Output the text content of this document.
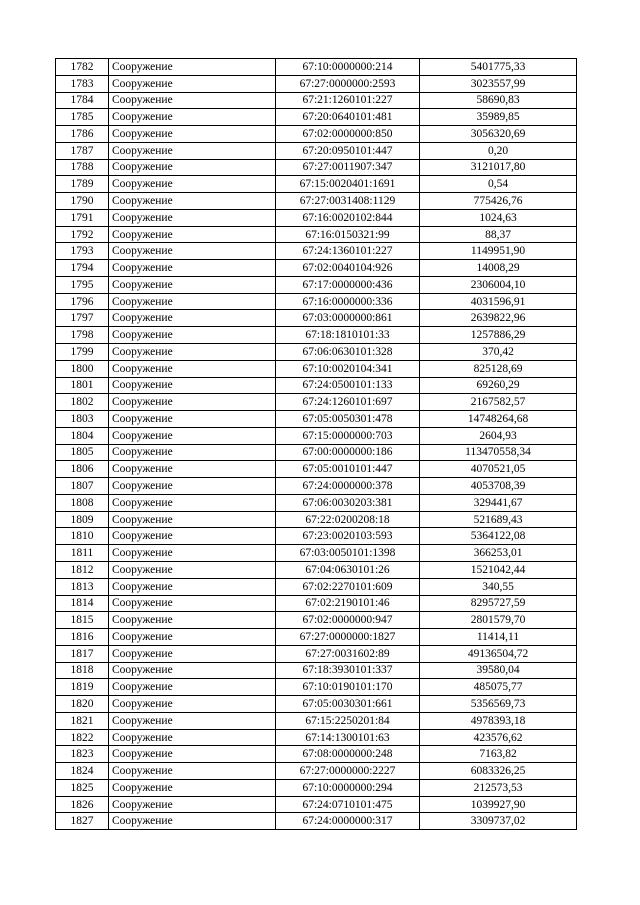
1782	Сооружение	67:10:0000000:214	5401775,33
1783	Сооружение	67:27:0000000:2593	3023557,99
1784	Сооружение	67:21:1260101:227	58690,83
1785	Сооружение	67:20:0640101:481	35989,85
1786	Сооружение	67:02:0000000:850	3056320,69
1787	Сооружение	67:20:0950101:447	0,20
1788	Сооружение	67:27:0011907:347	3121017,80
1789	Сооружение	67:15:0020401:1691	0,54
1790	Сооружение	67:27:0031408:1129	775426,76
1791	Сооружение	67:16:0020102:844	1024,63
1792	Сооружение	67:16:0150321:99	88,37
1793	Сооружение	67:24:1360101:227	1149951,90
1794	Сооружение	67:02:0040104:926	14008,29
1795	Сооружение	67:17:0000000:436	2306004,10
1796	Сооружение	67:16:0000000:336	4031596,91
1797	Сооружение	67:03:0000000:861	2639822,96
1798	Сооружение	67:18:1810101:33	1257886,29
1799	Сооружение	67:06:0630101:328	370,42
1800	Сооружение	67:10:0020104:341	825128,69
1801	Сооружение	67:24:0500101:133	69260,29
1802	Сооружение	67:24:1260101:697	2167582,57
1803	Сооружение	67:05:0050301:478	14748264,68
1804	Сооружение	67:15:0000000:703	2604,93
1805	Сооружение	67:00:0000000:186	113470558,34
1806	Сооружение	67:05:0010101:447	4070521,05
1807	Сооружение	67:24:0000000:378	4053708,39
1808	Сооружение	67:06:0030203:381	329441,67
1809	Сооружение	67:22:0200208:18	521689,43
1810	Сооружение	67:23:0020103:593	5364122,08
1811	Сооружение	67:03:0050101:1398	366253,01
1812	Сооружение	67:04:0630101:26	1521042,44
1813	Сооружение	67:02:2270101:609	340,55
1814	Сооружение	67:02:2190101:46	8295727,59
1815	Сооружение	67:02:0000000:947	2801579,70
1816	Сооружение	67:27:0000000:1827	11414,11
1817	Сооружение	67:27:0031602:89	49136504,72
1818	Сооружение	67:18:3930101:337	39580,04
1819	Сооружение	67:10:0190101:170	485075,77
1820	Сооружение	67:05:0030301:661	5356569,73
1821	Сооружение	67:15:2250201:84	4978393,18
1822	Сооружение	67:14:1300101:63	423576,62
1823	Сооружение	67:08:0000000:248	7163,82
1824	Сооружение	67:27:0000000:2227	6083326,25
1825	Сооружение	67:10:0000000:294	212573,53
1826	Сооружение	67:24:0710101:475	1039927,90
1827	Сооружение	67:24:0000000:317	3309737,02
